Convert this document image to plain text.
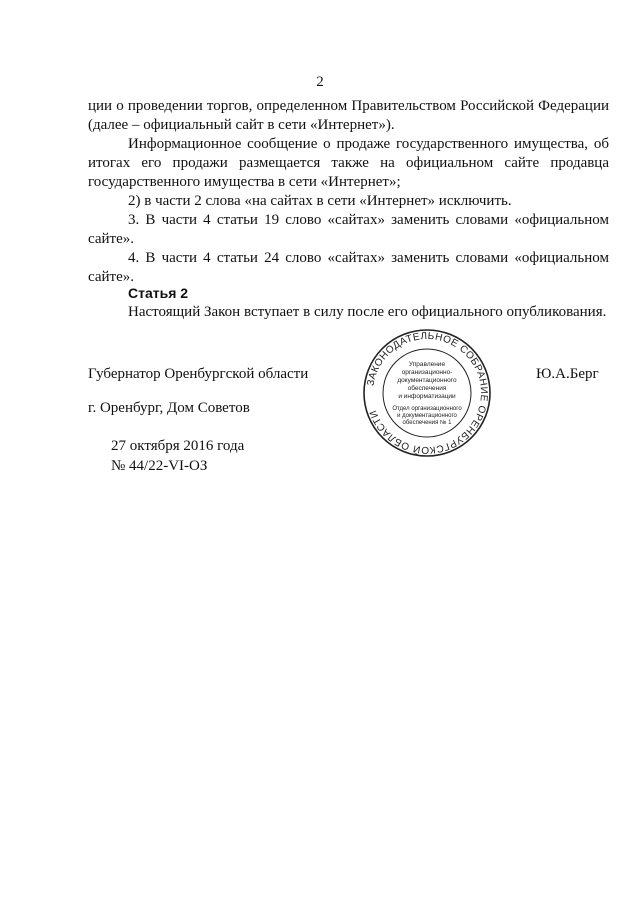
2

ции о проведении торгов, определенном Правительством Российской Федерации (далее – официальный сайт в сети «Интернет»).

Информационное сообщение о продаже государственного имущества, об итогах его продажи размещается также на официальном сайте продавца государственного имущества в сети «Интернет»;

2) в части 2 слова «на сайтах в сети «Интернет» исключить.

3. В части 4 статьи 19 слово «сайтах» заменить словами «официальном сайте».

4. В части 4 статьи 24 слово «сайтах» заменить словами «официальном сайте».

Статья 2
Настоящий Закон вступает в силу после его официального опубликования.
Губернатор Оренбургской области	Ю.А.Берг
г. Оренбург, Дом Советов
27 октября 2016 года
№ 44/22-VI-ОЗ
ЗАКОНОДАТЕЛЬНОЕ СОБРАНИЕ ОРЕНБУРГСКОЙ ОБЛАСТИ
Управление
организационно-
документационного
обеспечения
и информатизации
Отдел организационного
и документационного
обеспечения № 1
